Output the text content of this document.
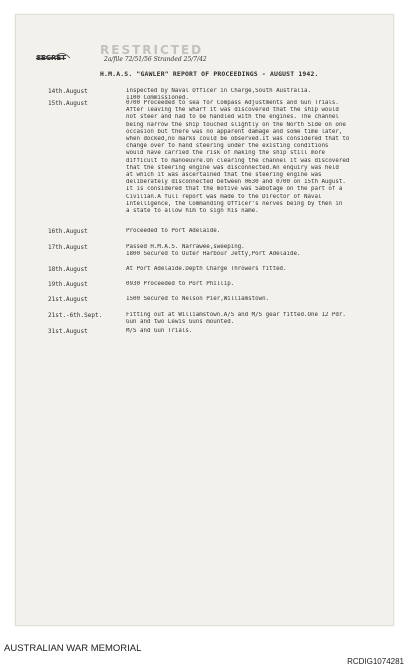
RESTRICTED
SECRET	2a/file 72/51/56 Stranded 25/7/42
H.M.A.S. "GAWLER" REPORT OF PROCEEDINGS - AUGUST 1942.
14th.August	Inspected by Naval Officer in Charge,South Australia.
1100 Commissioned.
15th.August	0700 Proceeded to sea for Compass Adjustments and Gun Trials.
After leaving the wharf it was discovered that the ship would
not steer and had to be handled with the engines. The channel
being narrow the ship touched slightly on the North Side on one
occasion but there was no apparent damage and some time later,
when docked,no marks could be observed.It was considered that to
change over to hand steering under the existing conditions
would have carried the risk of making the ship still more
difficult to manoeuvre.On clearing the channel it was discovered
that the steering engine was disconnected.An enquiry was held
at which it was ascertained that the steering engine was
deliberately disconnected between 0630 and 0700 on 15th August.
It is considered that the motive was Sabotage on the part of a
Civilian.A full report was made to the Director of Naval
Intelligence, the Commanding Officer's nerves being by then in
a state to allow him to sign his name.
16th.August	Proceeded to Port Adelaide.
17th.August	Passed H.M.A.S. Narrawee,sweeping.
1800 Secured to Outer Harbour Jetty,Port Adelaide.
18th.August	At Port Adelaide.Depth Charge Throwers fitted.
19th.August	0930 Proceeded to Port Phillip.
21st.August	1500 Secured to Nelson Pier,Williamstown.
21st.-6th.Sept.	Fitting out at Williamstown.A/S and M/S gear fitted.One 12 Pdr.
Gun and two Lewis Guns mounted.
31st.August	M/S and Gun Trials.
AUSTRALIAN WAR MEMORIAL
RCDIG1074281
